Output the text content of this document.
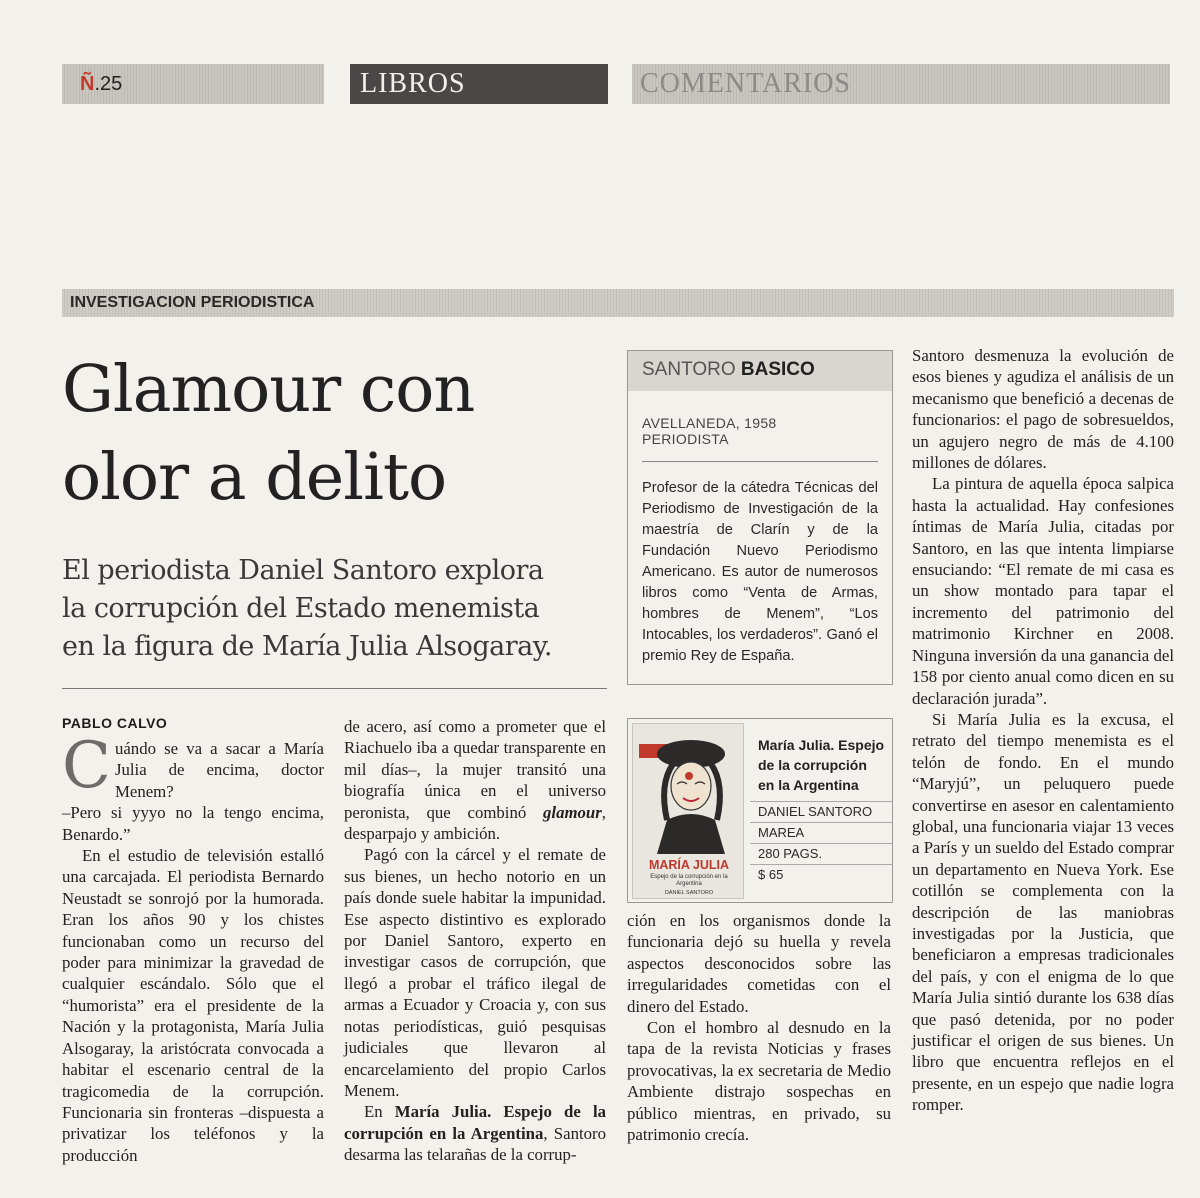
Ñ.25	LIBROS	COMENTARIOS
INVESTIGACION PERIODISTICA
Glamour con
olor a delito
El periodista Daniel Santoro explora
la corrupción del Estado menemista
en la figura de María Julia Alsogaray.
SANTORO BASICO
AVELLANEDA, 1958
PERIODISTA
Profesor de la cátedra Técnicas del Periodismo de Investigación de la maestría de Clarín y de la Fundación Nuevo Periodismo Americano. Es autor de numerosos libros como “Venta de Armas, hombres de Menem”, “Los Intocables, los verdaderos”. Ganó el premio Rey de España.
MARÍA JULIA
Espejo de la corrupción en la Argentina
DANIEL SANTORO
María Julia. Espejo de la corrupción en la Argentina
DANIEL SANTORO
MAREA
280 PAGS.
$ 65
PABLO CALVO

Cuándo se va a sacar a María Julia de encima, doctor Menem?

–Pero si yyyo no la tengo encima, Benardo.”

En el estudio de televisión estalló una carcajada. El periodista Bernardo Neustadt se sonrojó por la humorada. Eran los años 90 y los chistes funcionaban como un recurso del poder para minimizar la gravedad de cualquier escándalo. Sólo que el “humorista” era el presidente de la Nación y la protagonista, María Julia Alsogaray, la aristócrata convocada a habitar el escenario central de la tragicomedia de la corrupción. Funcionaria sin fronteras –dispuesta a privatizar los teléfonos y la producción

de acero, así como a prometer que el Riachuelo iba a quedar transparente en mil días–, la mujer transitó una biografía única en el universo peronista, que combinó glamour, desparpajo y ambición.

Pagó con la cárcel y el remate de sus bienes, un hecho notorio en un país donde suele habitar la impunidad. Ese aspecto distintivo es explorado por Daniel Santoro, experto en investigar casos de corrupción, que llegó a probar el tráfico ilegal de armas a Ecuador y Croacia y, con sus notas periodísticas, guió pesquisas judiciales que llevaron al encarcelamiento del propio Carlos Menem.

En María Julia. Espejo de la corrupción en la Argentina, Santoro desarma las telarañas de la corrup-

ción en los organismos donde la funcionaria dejó su huella y revela aspectos desconocidos sobre las irregularidades cometidas con el dinero del Estado.

Con el hombro al desnudo en la tapa de la revista Noticias y frases provocativas, la ex secretaria de Medio Ambiente distrajo sospechas en público mientras, en privado, su patrimonio crecía.

Santoro desmenuza la evolución de esos bienes y agudiza el análisis de un mecanismo que benefició a decenas de funcionarios: el pago de sobresueldos, un agujero negro de más de 4.100 millones de dólares.

La pintura de aquella época salpica hasta la actualidad. Hay confesiones íntimas de María Julia, citadas por Santoro, en las que intenta limpiarse ensuciando: “El remate de mi casa es un show montado para tapar el incremento del patrimonio del matrimonio Kirchner en 2008. Ninguna inversión da una ganancia del 158 por ciento anual como dicen en su declaración jurada”.

Si María Julia es la excusa, el retrato del tiempo menemista es el telón de fondo. En el mundo “Maryjú”, un peluquero puede convertirse en asesor en calentamiento global, una funcionaria viajar 13 veces a París y un sueldo del Estado comprar un departamento en Nueva York. Ese cotillón se complementa con la descripción de las maniobras investigadas por la Justicia, que beneficiaron a empresas tradicionales del país, y con el enigma de lo que María Julia sintió durante los 638 días que pasó detenida, por no poder justificar el origen de sus bienes. Un libro que encuentra reflejos en el presente, en un espejo que nadie logra romper.
